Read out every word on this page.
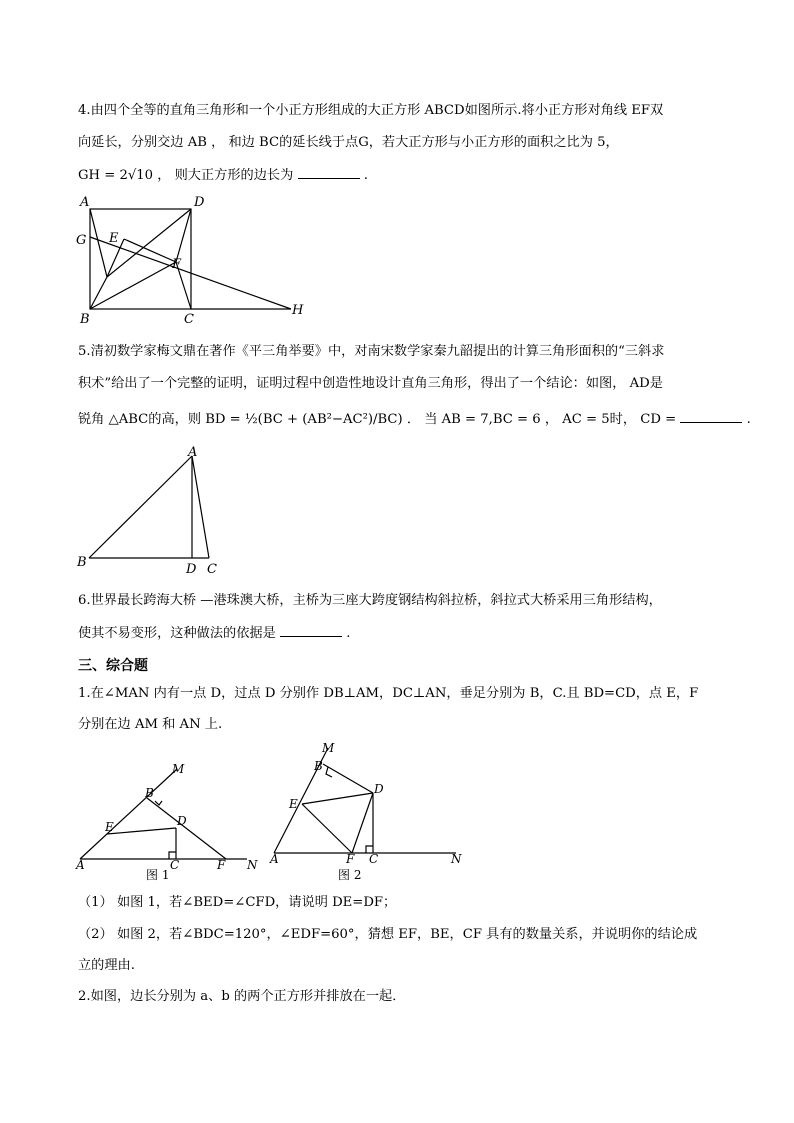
4.由四个全等的直角三角形和一个小正方形组成的大正方形 ABCD如图所示.将小正方形对角线 EF双
向延长，分别交边 AB ， 和边 BC的延长线于点G，若大正方形与小正方形的面积之比为 5，
GH = 2√10 ， 则大正方形的边长为	.
A	D
G E
F
B	C
H
5.清初数学家梅文鼎在著作《平三角举要》中，对南宋数学家秦九韶提出的计算三角形面积的“三斜求
积术”给出了一个完整的证明，证明过程中创造性地设计直角三角形，得出了一个结论：如图， AD是
锐角 △ABC的高，则 BD = ½(BC + (AB²−AC²)/BC) ． 当 AB = 7,BC = 6 ， AC = 5时， CD =	.
A
B	D C
6.世界最长跨海大桥 —港珠澳大桥，主桥为三座大跨度钢结构斜拉桥，斜拉式大桥采用三角形结构，
使其不易变形，这种做法的依据是	.
三、综合题
1.在∠MAN 内有一点 D，过点 D 分别作 DB⊥AM，DC⊥AN，垂足分别为 B，C.且 BD=CD，点 E，F
分别在边 AM 和 AN 上.
M
B
E	D
A	C	F N
图 1
M
B
D
E
A	F C	N
图 2
（1） 如图 1，若∠BED=∠CFD，请说明 DE=DF；
（2） 如图 2，若∠BDC=120°，∠EDF=60°，猜想 EF，BE，CF 具有的数量关系，并说明你的结论成
立的理由.
2.如图，边长分别为 a、b 的两个正方形并排放在一起．
